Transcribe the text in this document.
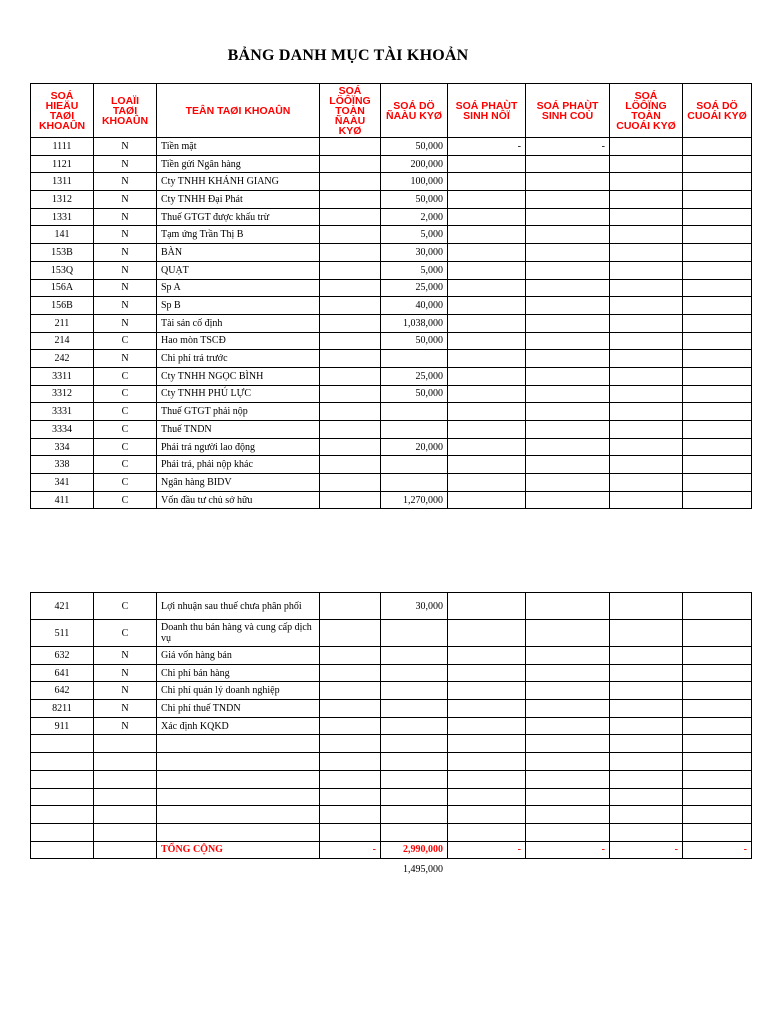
BẢNG DANH MỤC TÀI KHOẢN
SOÁ HIEÄU TAØI KHOAÛN	LOAÏI TAØI KHOAÛN	TEÂN TAØI KHOAÛN	SOÁ LÖÔÏNG TOÀN ÑAÀU KYØ	SOÁ DÖ ÑAÀU KYØ	SOÁ PHAÙT SINH NÔÏ	SOÁ PHAÙT SINH COÙ	SOÁ LÖÔÏNG TOÀN CUOÁI KYØ	SOÁ DÖ CUOÁI KYØ
1111	N	Tiền mặt		50,000	-	-		
1121	N	Tiền gửi Ngân hàng		200,000				
1311	N	Cty TNHH KHÁNH GIANG		100,000				
1312	N	Cty TNHH Đại Phát		50,000				
1331	N	Thuế GTGT được khấu trừ		2,000				
141	N	Tạm ứng Trần Thị B		5,000				
153B	N	BÀN		30,000				
153Q	N	QUẠT		5,000				
156A	N	Sp A		25,000				
156B	N	Sp B		40,000				
211	N	Tài sản cố định		1,038,000				
214	C	Hao mòn TSCĐ		50,000				
242	N	Chi phí trả trước						
3311	C	Cty TNHH NGỌC BÌNH		25,000				
3312	C	Cty TNHH PHÚ LỰC		50,000				
3331	C	Thuế GTGT phải nộp						
3334	C	Thuế TNDN						
334	C	Phải trả người lao động		20,000				
338	C	Phải trả, phải nộp khác						
341	C	Ngân hàng BIDV						
411	C	Vốn đầu tư chủ sở hữu		1,270,000				
421	C	Lợi nhuận sau thuế chưa phân phối		30,000				
511	C	Doanh thu bán hàng và cung cấp dịch vụ						
632	N	Giá vốn hàng bán						
641	N	Chi phí bán hàng						
642	N	Chi phí quản lý doanh nghiệp						
8211	N	Chi phí thuế TNDN						
911	N	Xác định KQKD						

		TỔNG CỘNG	-	2,990,000	-	-	-	-
1,495,000
